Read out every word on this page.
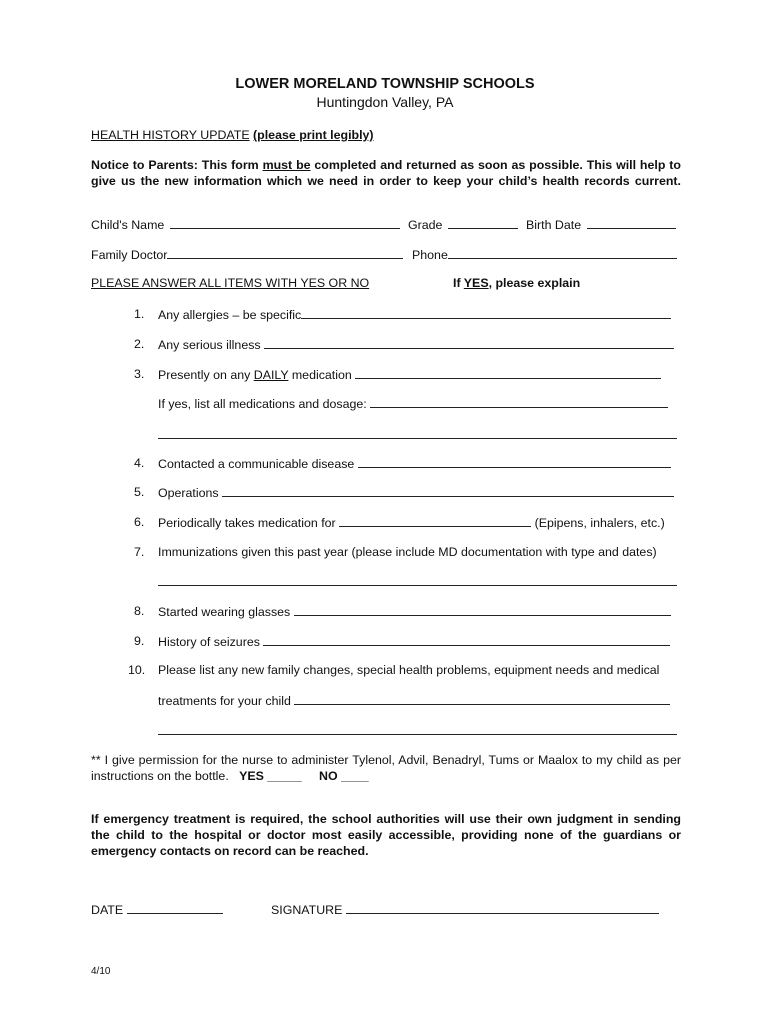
LOWER MORELAND TOWNSHIP SCHOOLS
Huntingdon Valley, PA
HEALTH HISTORY UPDATE (please print legibly)
Notice to Parents: This form must be completed and returned as soon as possible. This will help to give us the new information which we need in order to keep your child’s health records current.
Child's Name	Grade	Birth Date
Family Doctor	Phone
PLEASE ANSWER ALL ITEMS WITH YES OR NO	If YES, please explain
1. Any allergies – be specific
2. Any serious illness
3. Presently on any DAILY medication
If yes, list all medications and dosage:
4. Contacted a communicable disease
5. Operations
6. Periodically takes medication for	(Epipens, inhalers, etc.)
7. Immunizations given this past year (please include MD documentation with type and dates)
8. Started wearing glasses
9. History of seizures
10. Please list any new family changes, special health problems, equipment needs and medical
treatments for your child
** I give permission for the nurse to administer Tylenol, Advil, Benadryl, Tums or Maalox to my child as per instructions on the bottle. YES _____ NO ____
If emergency treatment is required, the school authorities will use their own judgment in sending the child to the hospital or doctor most easily accessible, providing none of the guardians or emergency contacts on record can be reached.
DATE	SIGNATURE
4/10
